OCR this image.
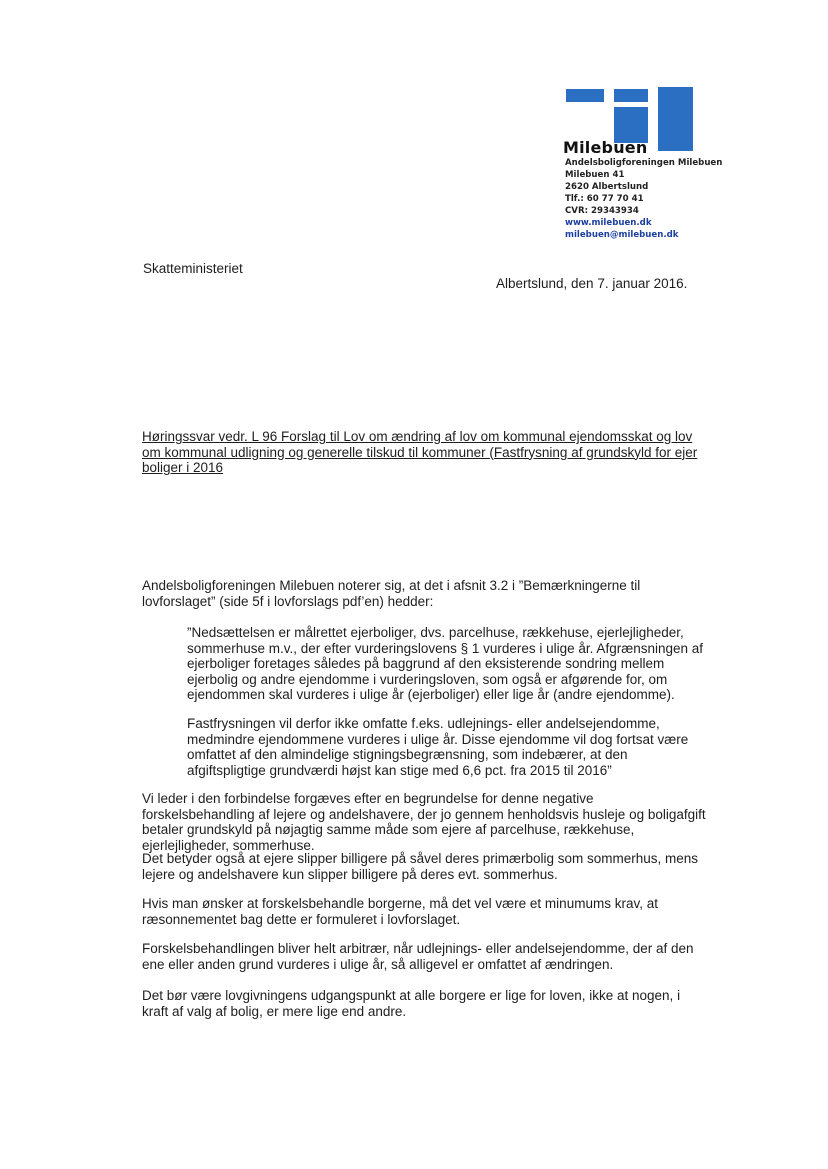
Milebuen
Andelsboligforeningen Milebuen
Milebuen 41
2620 Albertslund
Tlf.: 60 77 70 41
CVR: 29343934
www.milebuen.dk
milebuen@milebuen.dk
Skatteministeriet
Albertslund, den 7. januar 2016.
Høringssvar vedr. L 96 Forslag til Lov om ændring af lov om kommunal ejendomsskat og lov om kommunal udligning og generelle tilskud til kommuner (Fastfrysning af grundskyld for ejer boliger i 2016
Andelsboligforeningen Milebuen noterer sig, at det i afsnit 3.2 i ”Bemærkningerne til lovforslaget” (side 5f i lovforslags pdf’en) hedder:
”Nedsættelsen er målrettet ejerboliger, dvs. parcelhuse, rækkehuse, ejerlejligheder, sommerhuse m.v., der efter vurderingslovens § 1 vurderes i ulige år. Afgrænsningen af ejerboliger foretages således på baggrund af den eksisterende sondring mellem ejerbolig og andre ejendomme i vurderingsloven, som også er afgørende for, om ejendommen skal vurderes i ulige år (ejerboliger) eller lige år (andre ejendomme).
Fastfrysningen vil derfor ikke omfatte f.eks. udlejnings- eller andelsejendomme, medmindre ejendommene vurderes i ulige år. Disse ejendomme vil dog fortsat være omfattet af den almindelige stigningsbegrænsning, som indebærer, at den afgiftspligtige grundværdi højst kan stige med 6,6 pct. fra 2015 til 2016”
Vi leder i den forbindelse forgæves efter en begrundelse for denne negative forskelsbehandling af lejere og andelshavere, der jo gennem henholdsvis husleje og boligafgift betaler grundskyld på nøjagtig samme måde som ejere af parcelhuse, rækkehuse, ejerlejligheder, sommerhuse.
Det betyder også at ejere slipper billigere på såvel deres primærbolig som sommerhus, mens lejere og andelshavere kun slipper billigere på deres evt. sommerhus.
Hvis man ønsker at forskelsbehandle borgerne, må det vel være et minumums krav, at ræsonnementet bag dette er formuleret i lovforslaget.
Forskelsbehandlingen bliver helt arbitrær, når udlejnings- eller andelsejendomme, der af den ene eller anden grund vurderes i ulige år, så alligevel er omfattet af ændringen.
Det bør være lovgivningens udgangspunkt at alle borgere er lige for loven, ikke at nogen, i kraft af valg af bolig, er mere lige end andre.
